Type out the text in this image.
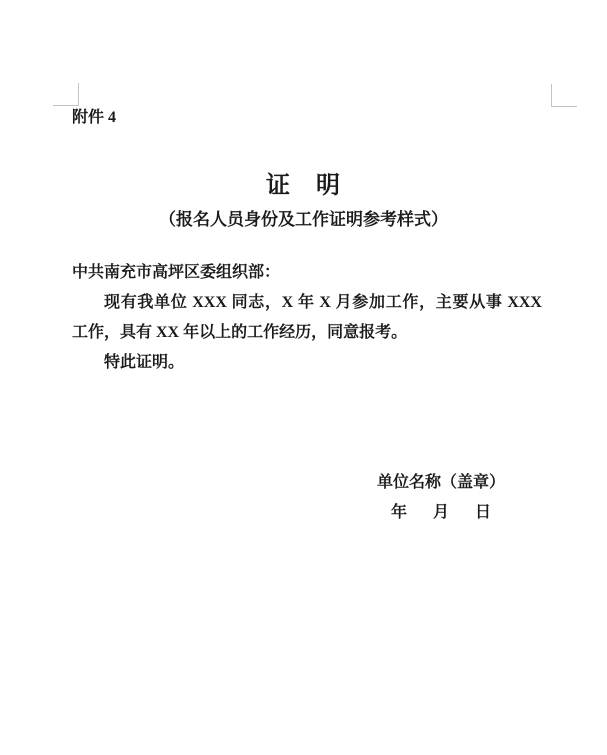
附件 4
证　明
（报名人员身份及工作证明参考样式）

中共南充市高坪区委组织部：

现有我单位 XXX 同志，X 年 X 月参加工作，主要从事 XXX 工作，具有 XX 年以上的工作经历，同意报考。

特此证明。

单位名称（盖章）
年 月 日
